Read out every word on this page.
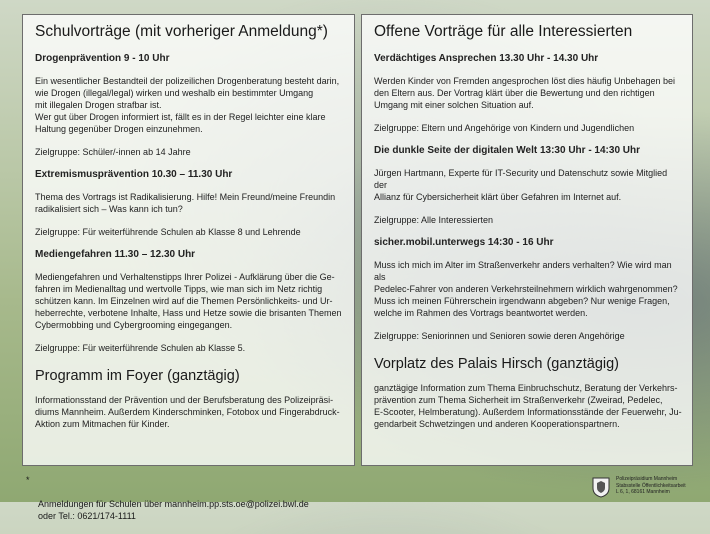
Schulvorträge (mit vorheriger Anmeldung*)
Drogenprävention 9 - 10 Uhr
Ein wesentlicher Bestandteil der polizeilichen Drogenberatung besteht darin,
wie Drogen (illegal/legal) wirken und weshalb ein bestimmter Umgang
mit illegalen Drogen strafbar ist.
Wer gut über Drogen informiert ist, fällt es in der Regel leichter eine klare
Haltung gegenüber Drogen einzunehmen.
Zielgruppe: Schüler/-innen ab 14 Jahre
Extremismusprävention 10.30 – 11.30 Uhr
Thema des Vortrags ist Radikalisierung. Hilfe! Mein Freund/meine Freundin
radikalisiert sich – Was kann ich tun?
Zielgruppe: Für weiterführende Schulen ab Klasse 8 und Lehrende
Mediengefahren 11.30 – 12.30 Uhr
Mediengefahren und Verhaltenstipps Ihrer Polizei - Aufklärung über die Ge-
fahren im Medienalltag und wertvolle Tipps, wie man sich im Netz richtig
schützen kann. Im Einzelnen wird auf die Themen Persönlichkeits- und Ur-
heberrechte, verbotene Inhalte, Hass und Hetze sowie die brisanten Themen
Cybermobbing und Cybergrooming eingegangen.
Zielgruppe: Für weiterführende Schulen ab Klasse 5.
Programm im Foyer (ganztägig)
Informationsstand der Prävention und der Berufsberatung des Polizeipräsi-
diums Mannheim. Außerdem Kinderschminken, Fotobox und Fingerabdruck-
Aktion zum Mitmachen für Kinder.
Offene Vorträge für alle Interessierten
Verdächtiges Ansprechen 13.30 Uhr - 14.30 Uhr
Werden Kinder von Fremden angesprochen löst dies häufig Unbehagen bei
den Eltern aus. Der Vortrag klärt über die Bewertung und den richtigen
Umgang mit einer solchen Situation auf.
Zielgruppe: Eltern und Angehörige von Kindern und Jugendlichen
Die dunkle Seite der digitalen Welt 13:30 Uhr - 14:30 Uhr
Jürgen Hartmann, Experte für IT-Security und Datenschutz sowie Mitglied der
Allianz für Cybersicherheit klärt über Gefahren im Internet auf.
Zielgruppe: Alle Interessierten
sicher.mobil.unterwegs 14:30 - 16 Uhr
Muss ich mich im Alter im Straßenverkehr anders verhalten? Wie wird man als
Pedelec-Fahrer von anderen Verkehrsteilnehmern wirklich wahrgenommen?
Muss ich meinen Führerschein irgendwann abgeben? Nur wenige Fragen,
welche im Rahmen des Vortrags beantwortet werden.
Zielgruppe: Seniorinnen und Senioren sowie deren Angehörige
Vorplatz des Palais Hirsch (ganztägig)
ganztägige Information zum Thema Einbruchschutz, Beratung der Verkehrs-
prävention zum Thema Sicherheit im Straßenverkehr (Zweirad, Pedelec,
E-Scooter, Helmberatung). Außerdem Informationsstände der Feuerwehr, Ju-
gendarbeit Schwetzingen und anderen Kooperationspartnern.

*

Anmeldungen für Schulen über mannheim.pp.sts.oe@polizei.bwl.de
oder Tel.: 0621/174-1111

Polizeipräsidium Mannheim
Stabsstelle Öffentlichkeitsarbeit
L 6, 1, 68161 Mannheim
